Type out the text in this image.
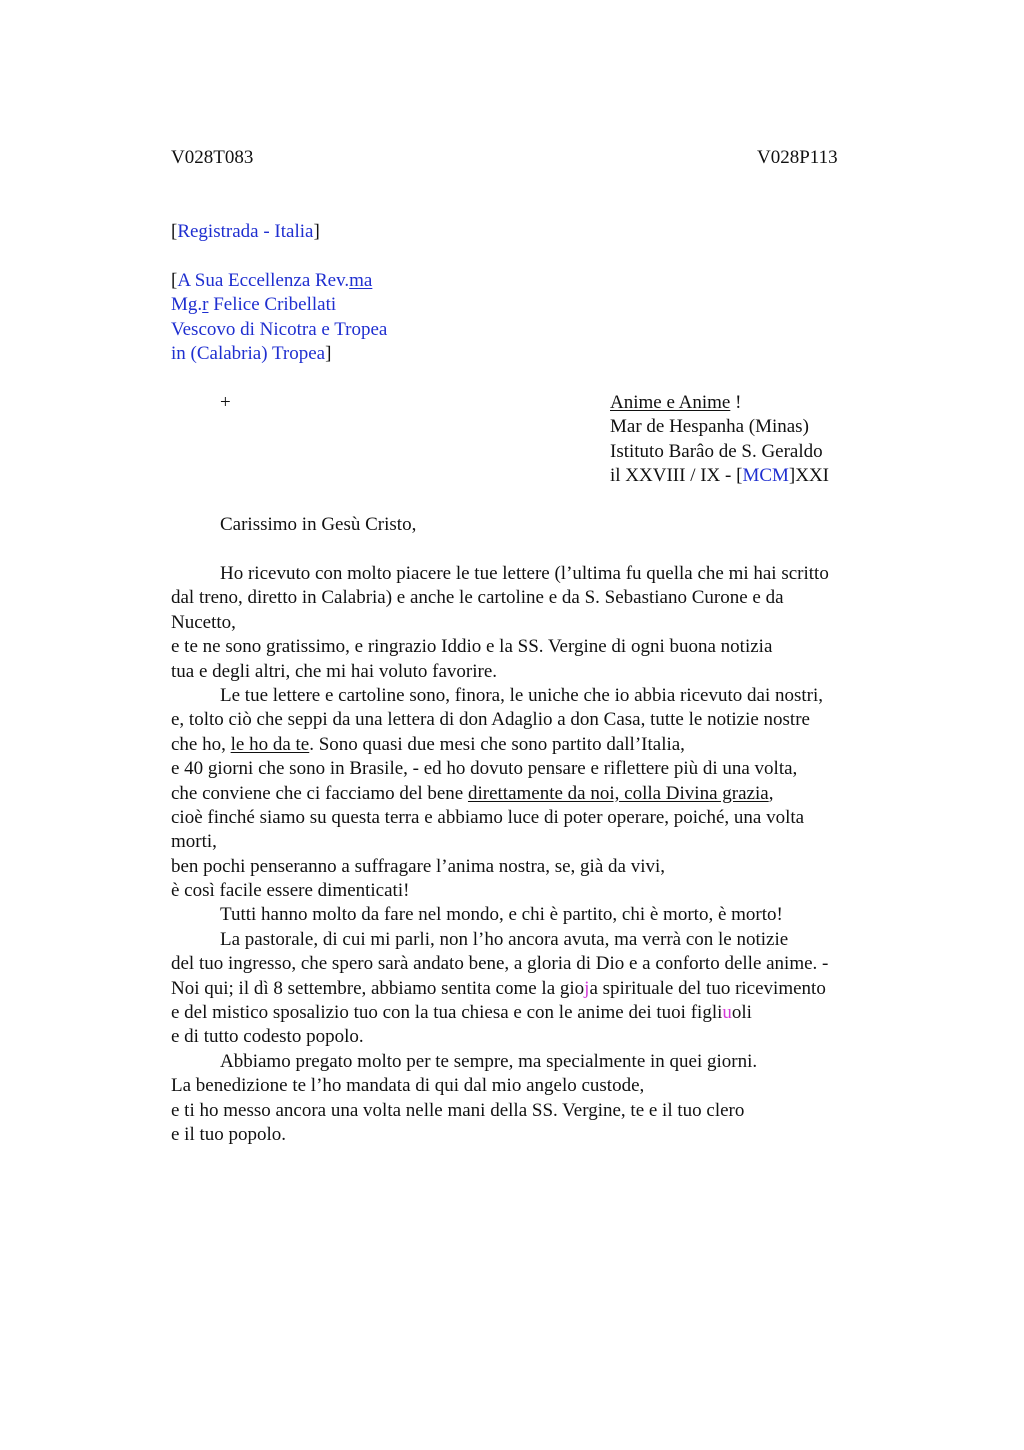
V028T083	V028P113
[Registrada - Italia]
[A Sua Eccellenza Rev.ma
Mg.r Felice Cribellati
Vescovo di Nicotra e Tropea
in (Calabria) Tropea]
+	Anime e Anime !
Mar de Hespanha (Minas)
Istituto Barâo de S. Geraldo
il XXVIII / IX - [MCM]XXI
Carissimo in Gesù Cristo,
Ho ricevuto con molto piacere le tue lettere (l’ultima fu quella che mi hai scritto
dal treno, diretto in Calabria) e anche le cartoline e da S. Sebastiano Curone e da
Nucetto,
e te ne sono gratissimo, e ringrazio Iddio e la SS. Vergine di ogni buona notizia
tua e degli altri, che mi hai voluto favorire.
Le tue lettere e cartoline sono, finora, le uniche che io abbia ricevuto dai nostri,
e, tolto ciò che seppi da una lettera di don Adaglio a don Casa, tutte le notizie nostre
che ho, le ho da te. Sono quasi due mesi che sono partito dall’Italia,
e 40 giorni che sono in Brasile, - ed ho dovuto pensare e riflettere più di una volta,
che conviene che ci facciamo del bene direttamente da noi, colla Divina grazia,
cioè finché siamo su questa terra e abbiamo luce di poter operare, poiché, una volta
morti,
ben pochi penseranno a suffragare l’anima nostra, se, già da vivi,
è così facile essere dimenticati!
Tutti hanno molto da fare nel mondo, e chi è partito, chi è morto, è morto!
La pastorale, di cui mi parli, non l’ho ancora avuta, ma verrà con le notizie
del tuo ingresso, che spero sarà andato bene, a gloria di Dio e a conforto delle anime. -
Noi qui; il dì 8 settembre, abbiamo sentita come la gioja spirituale del tuo ricevimento
e del mistico sposalizio tuo con la tua chiesa e con le anime dei tuoi figliuoli
e di tutto codesto popolo.
Abbiamo pregato molto per te sempre, ma specialmente in quei giorni.
La benedizione te l’ho mandata di qui dal mio angelo custode,
e ti ho messo ancora una volta nelle mani della SS. Vergine, te e il tuo clero
e il tuo popolo.
